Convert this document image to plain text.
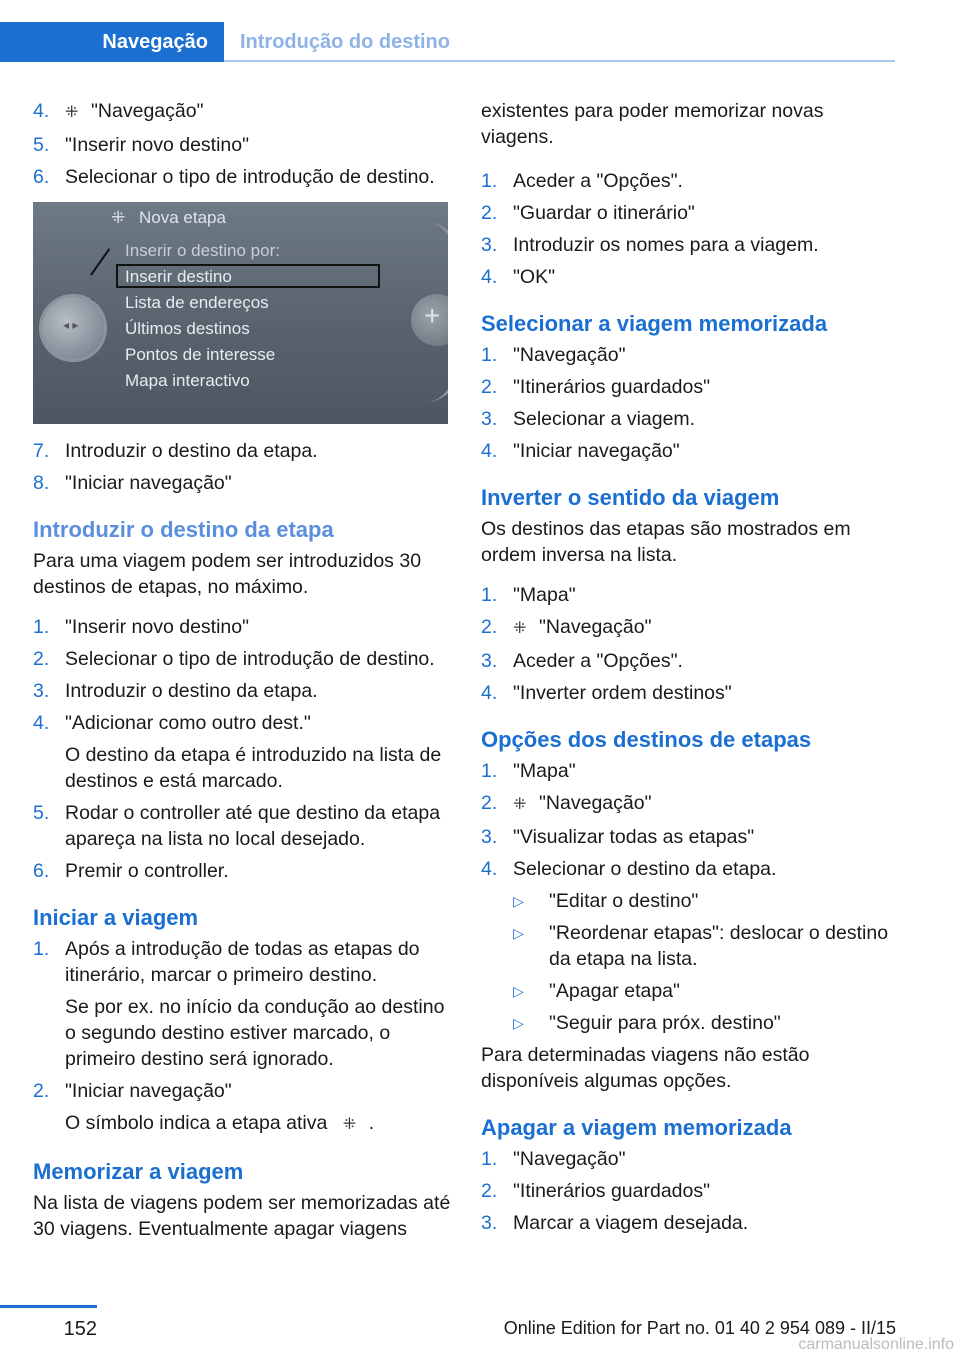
Navegação	Introdução do destino
4. ⁜ "Navegação"
5. "Inserir novo destino"
6. Selecionar o tipo de introdução de destino.
⁜ Nova etapa
Inserir o destino por:
Inserir destino
Lista de endereços
Últimos destinos
Pontos de interesse
Mapa interactivo
◂ ▸	+
7. Introduzir o destino da etapa.
8. "Iniciar navegação"
Introduzir o destino da etapa

Para uma viagem podem ser introduzidos 30 destinos de etapas, no máximo.

1. "Inserir novo destino"
2. Selecionar o tipo de introdução de destino.
3. Introduzir o destino da etapa.
4. "Adicionar como outro dest."
O destino da etapa é introduzido na lista de destinos e está marcado.
5. Rodar o controller até que destino da etapa apareça na lista no local desejado.
6. Premir o controller.
Iniciar a viagem
1. Após a introdução de todas as etapas do itinerário, marcar o primeiro destino.
Se por ex. no início da condução ao destino o segundo destino estiver marcado, o primeiro destino será ignorado.
2. "Iniciar navegação"
O símbolo indica a etapa ativa ⁜ .
Memorizar a viagem

Na lista de viagens podem ser memorizadas até 30 viagens. Eventualmente apagar viagens

existentes para poder memorizar novas viagens.

1. Aceder a "Opções".
2. "Guardar o itinerário"
3. Introduzir os nomes para a viagem.
4. "OK"
Selecionar a viagem memorizada
1. "Navegação"
2. "Itinerários guardados"
3. Selecionar a viagem.
4. "Iniciar navegação"
Inverter o sentido da viagem

Os destinos das etapas são mostrados em ordem inversa na lista.

1. "Mapa"
2. ⁜ "Navegação"
3. Aceder a "Opções".
4. "Inverter ordem destinos"
Opções dos destinos de etapas
1. "Mapa"
2. ⁜ "Navegação"
3. "Visualizar todas as etapas"
4. Selecionar o destino da etapa.
▷ "Editar o destino"
▷ "Reordenar etapas": deslocar o destino da etapa na lista.
▷ "Apagar etapa"
▷ "Seguir para próx. destino"

Para determinadas viagens não estão disponíveis algumas opções.

Apagar a viagem memorizada
1. "Navegação"
2. "Itinerários guardados"
3. Marcar a viagem desejada.
152	Online Edition for Part no. 01 40 2 954 089 - II/15
carmanualsonline.info
